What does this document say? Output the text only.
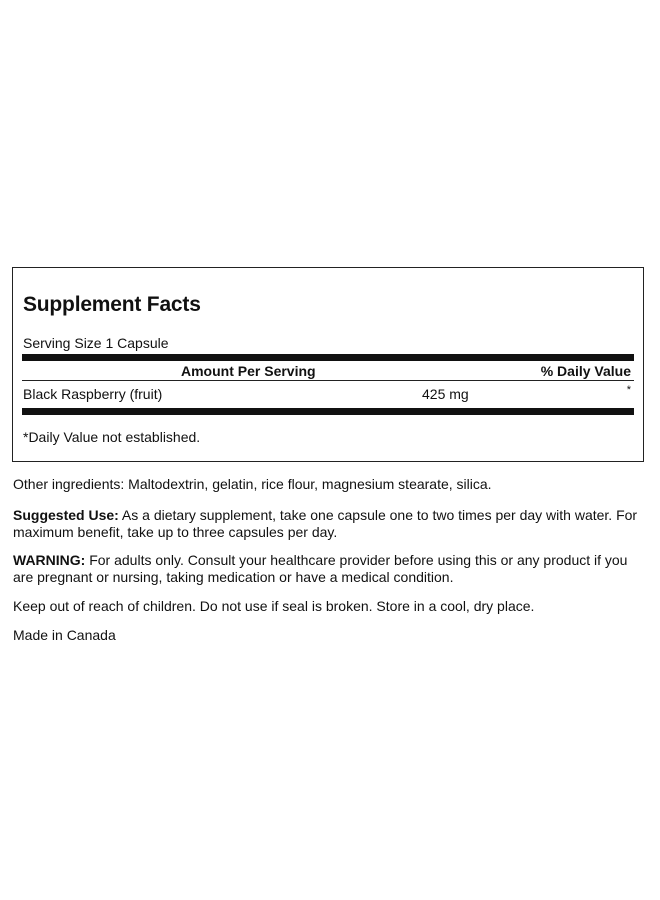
Supplement Facts
Serving Size 1 Capsule
Amount Per Serving	% Daily Value
Black Raspberry (fruit)	425 mg	*
*Daily Value not established.
Other ingredients: Maltodextrin, gelatin, rice flour, magnesium stearate, silica.
Suggested Use: As a dietary supplement, take one capsule one to two times per day with water. For maximum benefit, take up to three capsules per day.
WARNING: For adults only. Consult your healthcare provider before using this or any product if you are pregnant or nursing, taking medication or have a medical condition.
Keep out of reach of children. Do not use if seal is broken. Store in a cool, dry place.
Made in Canada
